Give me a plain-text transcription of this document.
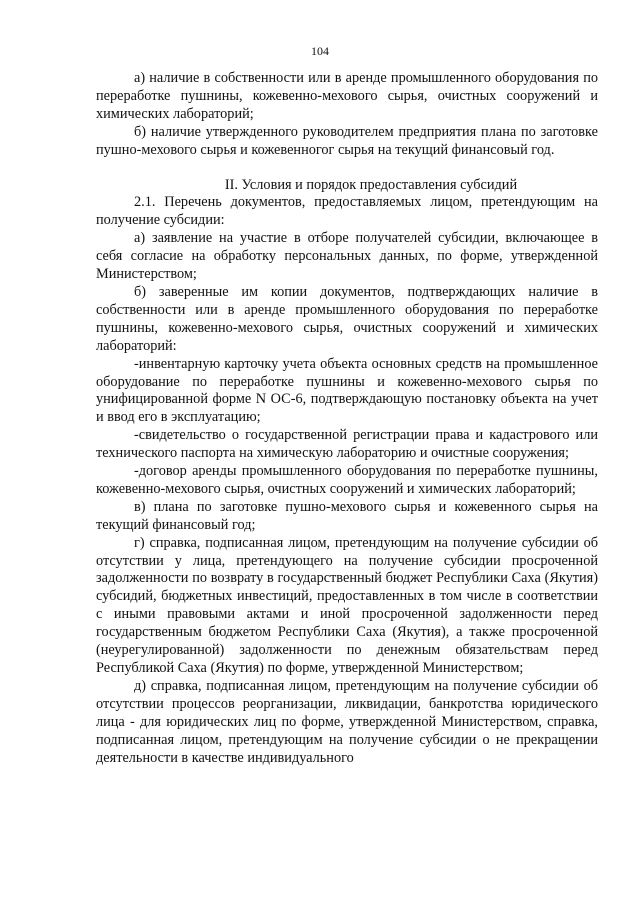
104

а) наличие в собственности или в аренде промышленного оборудования по переработке пушнины, кожевенно-мехового сырья, очистных сооружений и химических лабораторий;

б) наличие утвержденного руководителем предприятия плана по заготовке пушно-мехового сырья и кожевенногог сырья на текущий финансовый год.

II. Условия и порядок предоставления субсидий

2.1. Перечень документов, предоставляемых лицом, претендующим на получение субсидии:

а) заявление на участие в отборе получателей субсидии, включающее в себя согласие на обработку персональных данных, по форме, утвержденной Министерством;

б) заверенные им копии документов, подтверждающих наличие в собственности или в аренде промышленного оборудования по переработке пушнины, кожевенно-мехового сырья, очистных сооружений и химических лабораторий:

-инвентарную карточку учета объекта основных средств на промышленное оборудование по переработке пушнины и кожевенно-мехового сырья по унифицированной форме N ОС-6, подтверждающую постановку объекта на учет и ввод его в эксплуатацию;

-свидетельство о государственной регистрации права и кадастрового или технического паспорта на химическую лабораторию и очистные сооружения;

-договор аренды промышленного оборудования по переработке пушнины, кожевенно-мехового сырья, очистных сооружений и химических лабораторий;

в) плана по заготовке пушно-мехового сырья и кожевенного сырья на текущий финансовый год;

г) справка, подписанная лицом, претендующим на получение субсидии об отсутствии у лица, претендующего на получение субсидии просроченной задолженности по возврату в государственный бюджет Республики Саха (Якутия) субсидий, бюджетных инвестиций, предоставленных в том числе в соответствии с иными правовыми актами и иной просроченной задолженности перед государственным бюджетом Республики Саха (Якутия), а также просроченной (неурегулированной) задолженности по денежным обязательствам перед Республикой Саха (Якутия) по форме, утвержденной Министерством;

д) справка, подписанная лицом, претендующим на получение субсидии об отсутствии процессов реорганизации, ликвидации, банкротства юридического лица - для юридических лиц по форме, утвержденной Министерством, справка, подписанная лицом, претендующим на получение субсидии о не прекращении деятельности в качестве индивидуального
